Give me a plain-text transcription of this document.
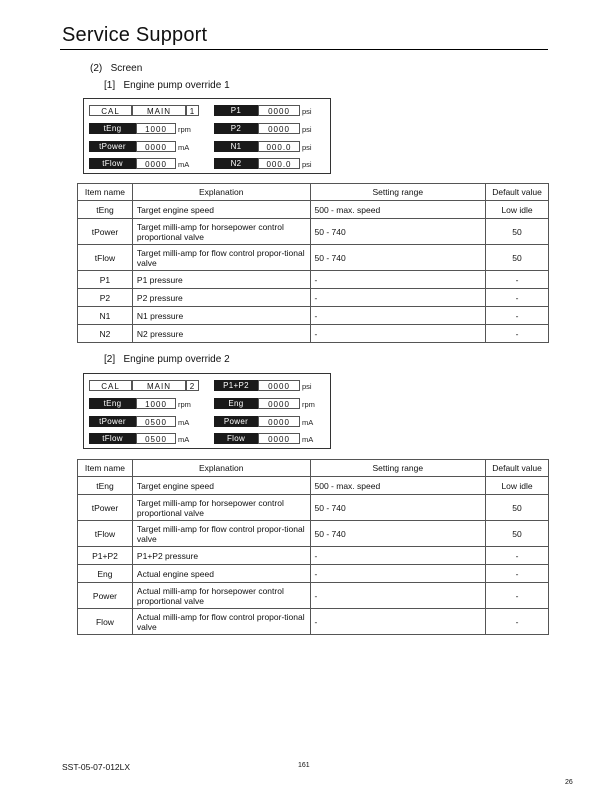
Service Support
(2) Screen
[1] Engine pump override 1
CAL	MAIN	1
tEng	1000	rpm
tPower	0000	mA
tFlow	0000	mA
P1	0000	psi
P2	0000	psi
N1	000.0	psi
N2	000.0	psi
Item name	Explanation	Setting range	Default value
tEng	Target engine speed	500 - max. speed	Low idle
tPower	Target milli-amp for horsepower control proportional valve	50 - 740	50
tFlow	Target milli-amp for flow control propor-tional valve	50 - 740	50
P1	P1 pressure	-	-
P2	P2 pressure	-	-
N1	N1 pressure	-	-
N2	N2 pressure	-	-
[2] Engine pump override 2
CAL	MAIN	2
tEng	1000	rpm
tPower	0500	mA
tFlow	0500	mA
P1+P2	0000	psi
Eng	0000	rpm
Power	0000	mA
Flow	0000	mA
Item name	Explanation	Setting range	Default value
tEng	Target engine speed	500 - max. speed	Low idle
tPower	Target milli-amp for horsepower control proportional valve	50 - 740	50
tFlow	Target milli-amp for flow control propor-tional valve	50 - 740	50
P1+P2	P1+P2 pressure	-	-
Eng	Actual engine speed	-	-
Power	Actual milli-amp for horsepower control proportional valve	-	-
Flow	Actual milli-amp for flow control propor-tional valve	-	-
SST-05-07-012LX	161
26
